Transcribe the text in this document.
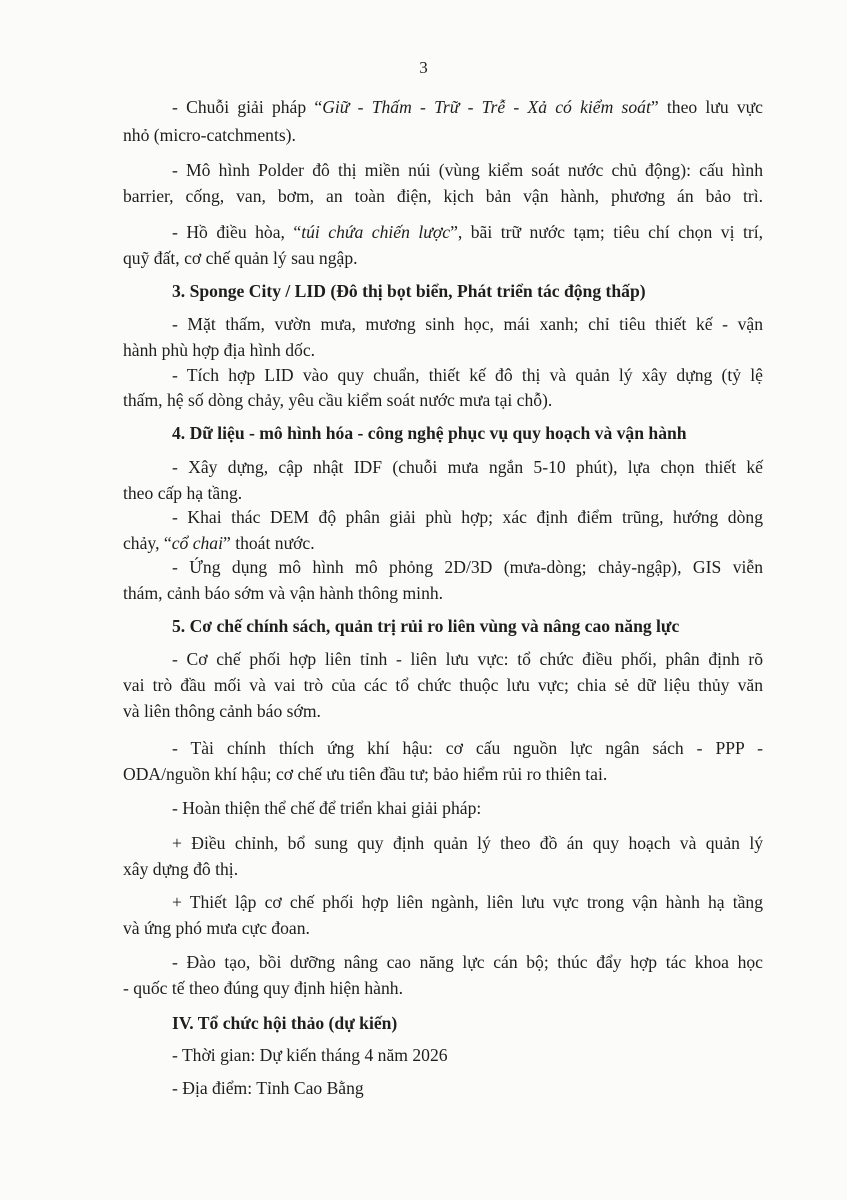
3
- Chuỗi giải pháp “Giữ - Thấm - Trữ - Trễ - Xả có kiểm soát” theo lưu vực
nhỏ (micro-catchments).
- Mô hình Polder đô thị miền núi (vùng kiểm soát nước chủ động): cấu hình
barrier, cống, van, bơm, an toàn điện, kịch bản vận hành, phương án bảo trì.
- Hồ điều hòa, “túi chứa chiến lược”, bãi trữ nước tạm; tiêu chí chọn vị trí,
quỹ đất, cơ chế quản lý sau ngập.
3. Sponge City / LID (Đô thị bọt biển, Phát triển tác động thấp)
- Mặt thấm, vườn mưa, mương sinh học, mái xanh; chỉ tiêu thiết kế - vận
hành phù hợp địa hình dốc.
- Tích hợp LID vào quy chuẩn, thiết kế đô thị và quản lý xây dựng (tỷ lệ
thấm, hệ số dòng chảy, yêu cầu kiểm soát nước mưa tại chỗ).
4. Dữ liệu - mô hình hóa - công nghệ phục vụ quy hoạch và vận hành
- Xây dựng, cập nhật IDF (chuỗi mưa ngắn 5-10 phút), lựa chọn thiết kế
theo cấp hạ tầng.
- Khai thác DEM độ phân giải phù hợp; xác định điểm trũng, hướng dòng
chảy, “cổ chai” thoát nước.
- Ứng dụng mô hình mô phỏng 2D/3D (mưa-dòng; chảy-ngập), GIS viễn
thám, cảnh báo sớm và vận hành thông minh.
5. Cơ chế chính sách, quản trị rủi ro liên vùng và nâng cao năng lực
- Cơ chế phối hợp liên tỉnh - liên lưu vực: tổ chức điều phối, phân định rõ
vai trò đầu mối và vai trò của các tổ chức thuộc lưu vực; chia sẻ dữ liệu thủy văn
và liên thông cảnh báo sớm.
- Tài chính thích ứng khí hậu: cơ cấu nguồn lực ngân sách - PPP -
ODA/nguồn khí hậu; cơ chế ưu tiên đầu tư; bảo hiểm rủi ro thiên tai.
- Hoàn thiện thể chế để triển khai giải pháp:
+ Điều chỉnh, bổ sung quy định quản lý theo đồ án quy hoạch và quản lý
xây dựng đô thị.
+ Thiết lập cơ chế phối hợp liên ngành, liên lưu vực trong vận hành hạ tầng
và ứng phó mưa cực đoan.
- Đào tạo, bồi dưỡng nâng cao năng lực cán bộ; thúc đẩy hợp tác khoa học
- quốc tế theo đúng quy định hiện hành.
IV. Tổ chức hội thảo (dự kiến)
- Thời gian: Dự kiến tháng 4 năm 2026
- Địa điểm: Tỉnh Cao Bằng
